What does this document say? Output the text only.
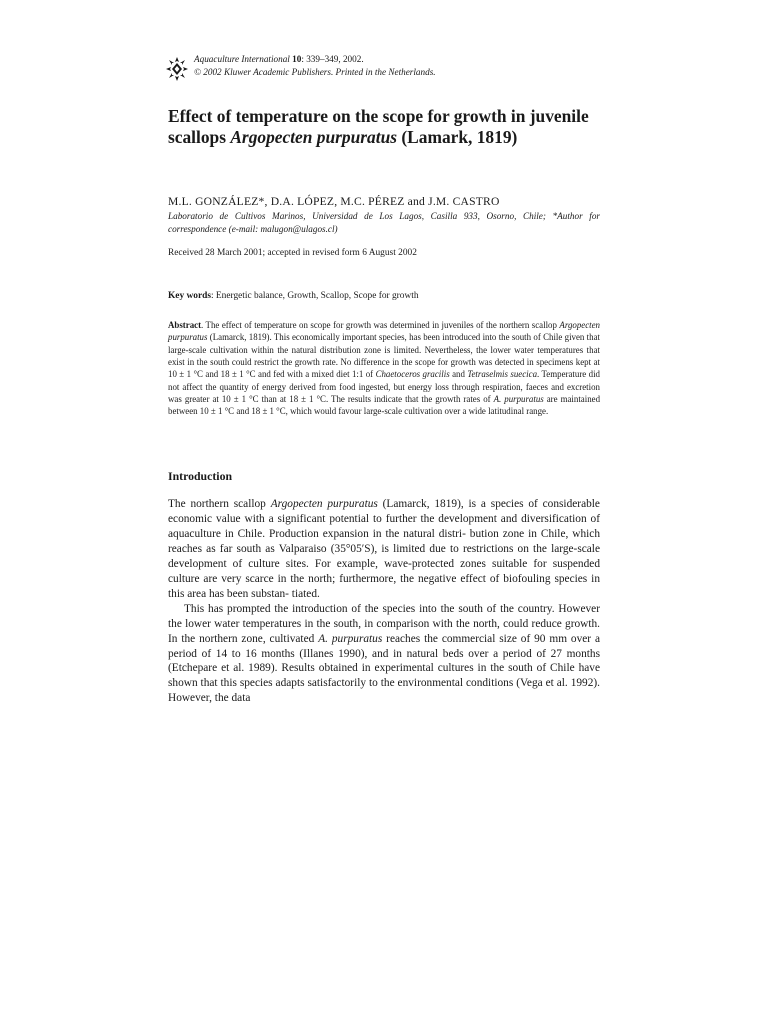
Aquaculture International 10: 339–349, 2002.
© 2002 Kluwer Academic Publishers. Printed in the Netherlands.
Effect of temperature on the scope for growth in juvenile scallops Argopecten purpuratus (Lamark, 1819)
M.L. GONZÁLEZ*, D.A. LÓPEZ, M.C. PÉREZ and J.M. CASTRO
Laboratorio de Cultivos Marinos, Universidad de Los Lagos, Casilla 933, Osorno, Chile; *Author for correspondence (e-mail: malugon@ulagos.cl)
Received 28 March 2001; accepted in revised form 6 August 2002
Key words: Energetic balance, Growth, Scallop, Scope for growth
Abstract. The effect of temperature on scope for growth was determined in juveniles of the northern scallop Argopecten purpuratus (Lamarck, 1819). This economically important species, has been introduced into the south of Chile given that large-scale cultivation within the natural distribution zone is limited. Nevertheless, the lower water temperatures that exist in the south could restrict the growth rate. No difference in the scope for growth was detected in specimens kept at 10 ± 1 °C and 18 ± 1 °C and fed with a mixed diet 1:1 of Chaetoceros gracilis and Tetraselmis suecica. Temperature did not affect the quantity of energy derived from food ingested, but energy loss through respiration, faeces and excretion was greater at 10 ± 1 °C than at 18 ± 1 °C. The results indicate that the growth rates of A. purpuratus are maintained between 10 ± 1 °C and 18 ± 1 °C, which would favour large-scale cultivation over a wide latitudinal range.
Introduction

The northern scallop Argopecten purpuratus (Lamarck, 1819), is a species of considerable economic value with a significant potential to further the development and diversification of aquaculture in Chile. Production expansion in the natural distri- bution zone in Chile, which reaches as far south as Valparaiso (35°05′S), is limited due to restrictions on the large-scale development of culture sites. For example, wave-protected zones suitable for suspended culture are very scarce in the north; furthermore, the negative effect of biofouling species in this area has been substan- tiated.

This has prompted the introduction of the species into the south of the country. However the lower water temperatures in the south, in comparison with the north, could reduce growth. In the northern zone, cultivated A. purpuratus reaches the commercial size of 90 mm over a period of 14 to 16 months (Illanes 1990), and in natural beds over a period of 27 months (Etchepare et al. 1989). Results obtained in experimental cultures in the south of Chile have shown that this species adapts satisfactorily to the environmental conditions (Vega et al. 1992). However, the data
